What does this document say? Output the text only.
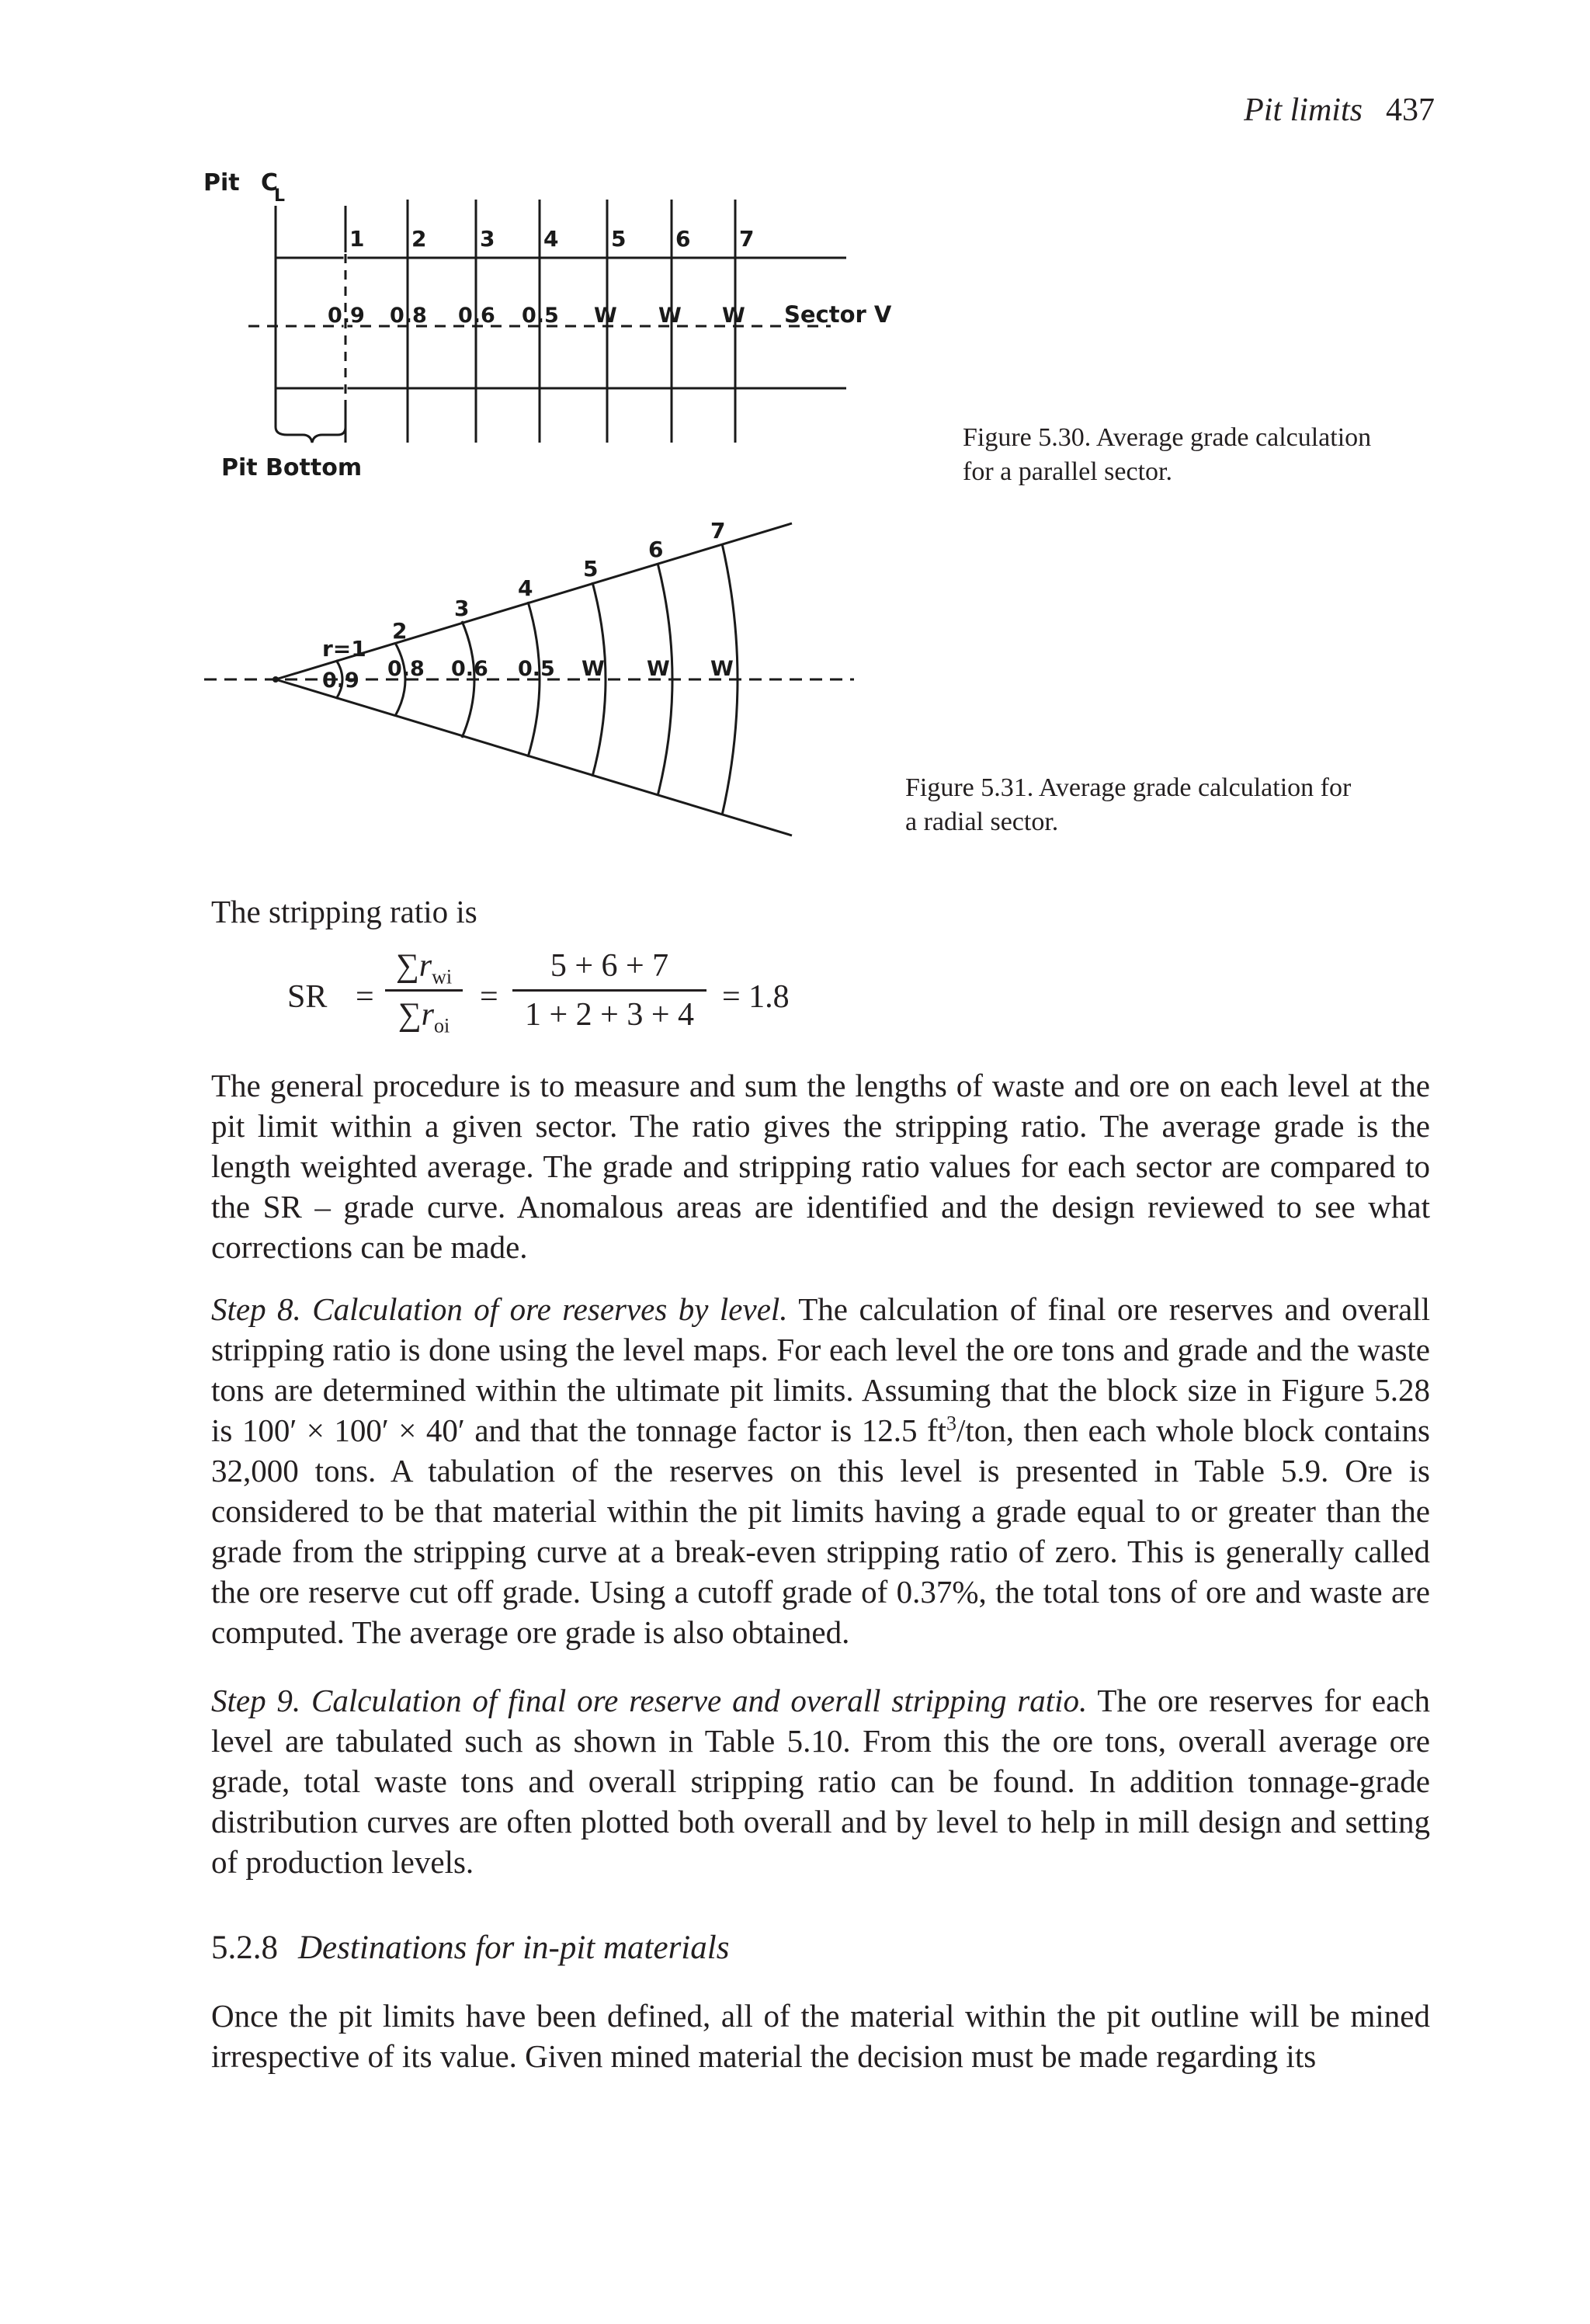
Pit limits 437
Pit C
L
1 2 3 4 5 6 7
0.9 0.8 0.6 0.5 W W W Sector V
Pit Bottom
Figure 5.30. Average grade calculation
for a parallel sector.
r=1
2
3
4
5
6
7
0.9 0.8 0.6 0.5 W W W
Figure 5.31. Average grade calculation for
a radial sector.
The stripping ratio is
SR =
$\sum r_{wi}$
$\sum r_{oi}$
=
5 + 6 + 7
1 + 2 + 3 + 4 = 1.8
The general procedure is to measure and sum the lengths of waste and ore on each level at the pit limit within a given sector. The ratio gives the stripping ratio. The average grade is the length weighted average. The grade and stripping ratio values for each sector are compared to the SR – grade curve. Anomalous areas are identified and the design reviewed to see what corrections can be made.
Step 8. Calculation of ore reserves by level. The calculation of final ore reserves and overall stripping ratio is done using the level maps. For each level the ore tons and grade and the waste tons are determined within the ultimate pit limits. Assuming that the block size in Figure 5.28 is 100′ × 100′ × 40′ and that the tonnage factor is 12.5 $ft^3$/ton, then each whole block contains 32,000 tons. A tabulation of the reserves on this level is presented in Table 5.9. Ore is considered to be that material within the pit limits having a grade equal to or greater than the grade from the stripping curve at a break-even stripping ratio of zero. This is generally called the ore reserve cut off grade. Using a cutoff grade of 0.37%, the total tons of ore and waste are computed. The average ore grade is also obtained.
Step 9. Calculation of final ore reserve and overall stripping ratio. The ore reserves for each level are tabulated such as shown in Table 5.10. From this the ore tons, overall average ore grade, total waste tons and overall stripping ratio can be found. In addition tonnage-grade distribution curves are often plotted both overall and by level to help in mill design and setting of production levels.
5.2.8 Destinations for in-pit materials
Once the pit limits have been defined, all of the material within the pit outline will be mined irrespective of its value. Given mined material the decision must be made regarding its
